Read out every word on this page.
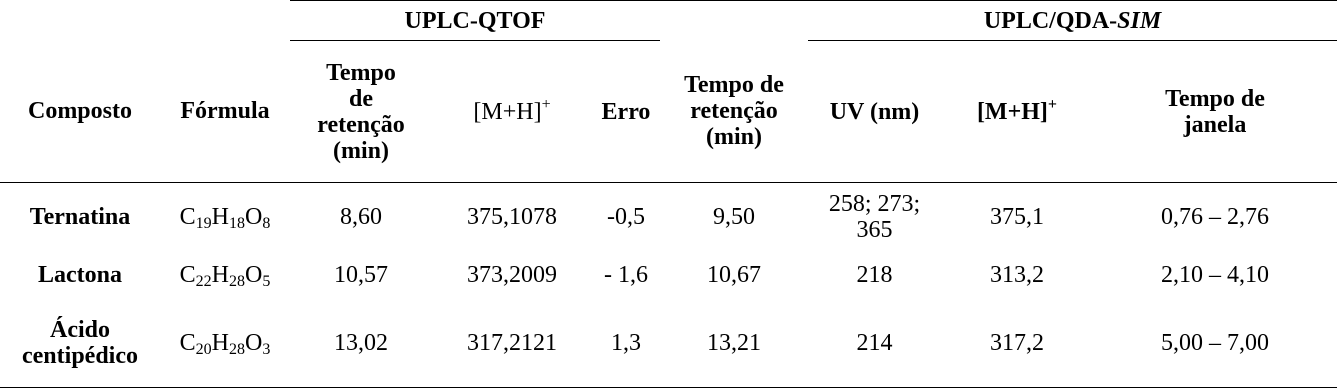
		UPLC-QTOF				UPLC/QDA-SIM		
Composto	Fórmula	Tempo
de
retenção
(min)	[M+H]+	Erro	Tempo de
retenção
(min)	UV (nm)	[M+H]+	Tempo de
janela
Ternatina	$C_{19}H_{18}O_8$	8,60	375,1078	-0,5	9,50	258; 273;
365	375,1	0,76 – 2,76
Lactona	$C_{22}H_{28}O_5$	10,57	373,2009	- 1,6	10,67	218	313,2	2,10 – 4,10
Ácido
centipédico	$C_{20}H_{28}O_3$	13,02	317,2121	1,3	13,21	214	317,2	5,00 – 7,00
